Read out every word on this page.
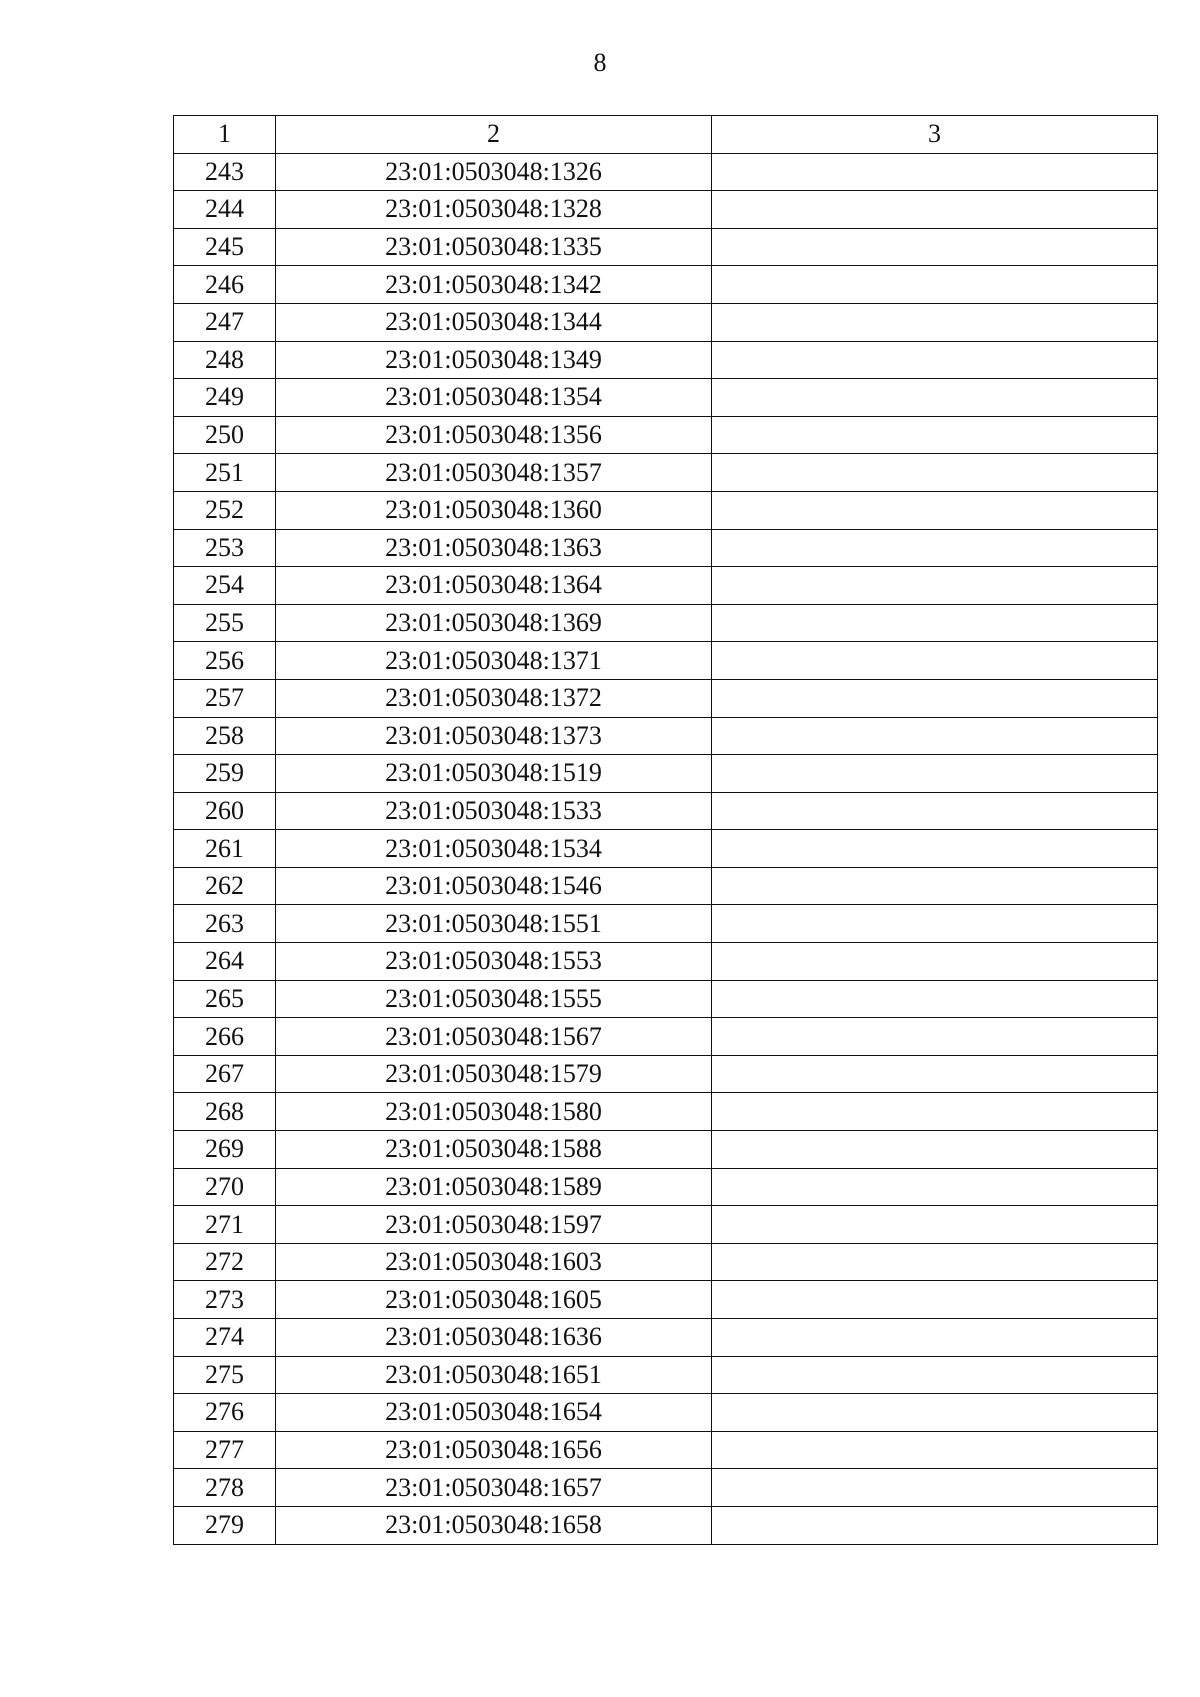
8
1	2	3
243	23:01:0503048:1326	
244	23:01:0503048:1328	
245	23:01:0503048:1335	
246	23:01:0503048:1342	
247	23:01:0503048:1344	
248	23:01:0503048:1349	
249	23:01:0503048:1354	
250	23:01:0503048:1356	
251	23:01:0503048:1357	
252	23:01:0503048:1360	
253	23:01:0503048:1363	
254	23:01:0503048:1364	
255	23:01:0503048:1369	
256	23:01:0503048:1371	
257	23:01:0503048:1372	
258	23:01:0503048:1373	
259	23:01:0503048:1519	
260	23:01:0503048:1533	
261	23:01:0503048:1534	
262	23:01:0503048:1546	
263	23:01:0503048:1551	
264	23:01:0503048:1553	
265	23:01:0503048:1555	
266	23:01:0503048:1567	
267	23:01:0503048:1579	
268	23:01:0503048:1580	
269	23:01:0503048:1588	
270	23:01:0503048:1589	
271	23:01:0503048:1597	
272	23:01:0503048:1603	
273	23:01:0503048:1605	
274	23:01:0503048:1636	
275	23:01:0503048:1651	
276	23:01:0503048:1654	
277	23:01:0503048:1656	
278	23:01:0503048:1657	
279	23:01:0503048:1658	
